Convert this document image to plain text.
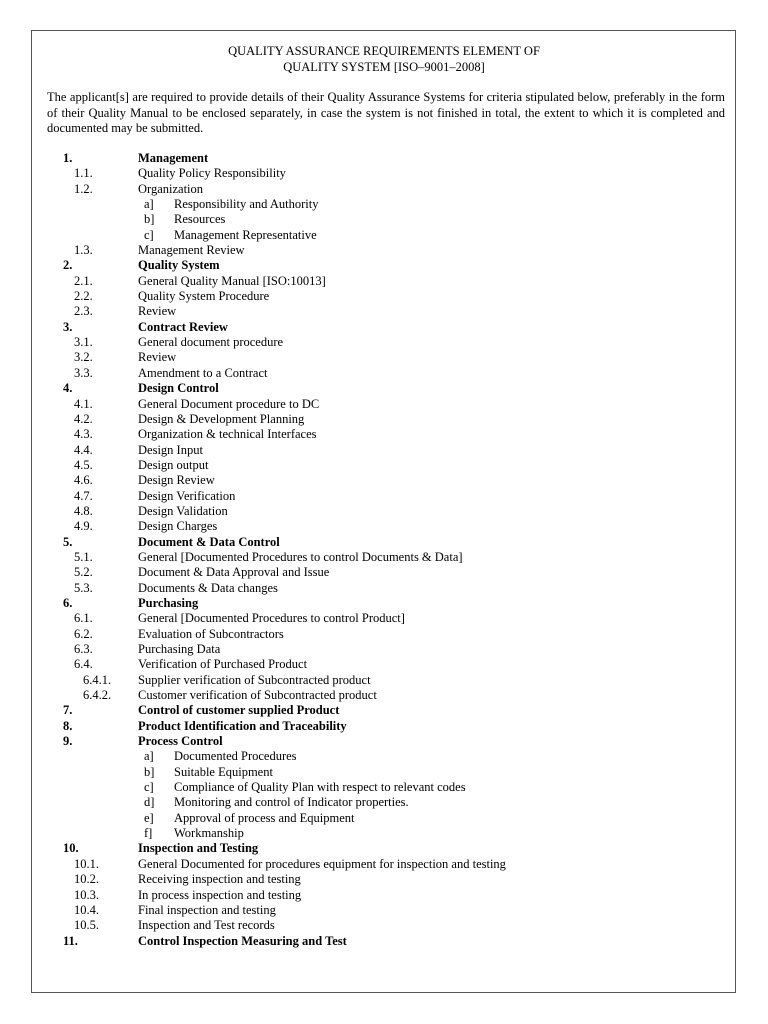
QUALITY ASSURANCE REQUIREMENTS ELEMENT OF
QUALITY SYSTEM [ISO–9001–2008]
The applicant[s] are required to provide details of their Quality Assurance Systems for criteria stipulated below, preferably in the form of their Quality Manual to be enclosed separately, in case the system is not finished in total, the extent to which it is completed and documented may be submitted.
1.	Management
1.1.	Quality Policy Responsibility
1.2.	Organization
a] Responsibility and Authority
b] Resources
c] Management Representative
1.3.	Management Review
2.	Quality System
2.1.	General Quality Manual [ISO:10013]
2.2.	Quality System Procedure
2.3.	Review
3.	Contract Review
3.1.	General document procedure
3.2.	Review
3.3.	Amendment to a Contract
4.	Design Control
4.1.	General Document procedure to DC
4.2.	Design & Development Planning
4.3.	Organization & technical Interfaces
4.4.	Design Input
4.5.	Design output
4.6.	Design Review
4.7.	Design Verification
4.8.	Design Validation
4.9.	Design Charges
5.	Document & Data Control
5.1.	General [Documented Procedures to control Documents & Data]
5.2.	Document & Data Approval and Issue
5.3.	Documents & Data changes
6.	Purchasing
6.1.	General [Documented Procedures to control Product]
6.2.	Evaluation of Subcontractors
6.3.	Purchasing Data
6.4.	Verification of Purchased Product
6.4.1. Supplier verification of Subcontracted product
6.4.2. Customer verification of Subcontracted product
7.	Control of customer supplied Product
8.	Product Identification and Traceability
9.	Process Control
a] Documented Procedures
b] Suitable Equipment
c] Compliance of Quality Plan with respect to relevant codes
d] Monitoring and control of Indicator properties.
e] Approval of process and Equipment
f] Workmanship
10.	Inspection and Testing
10.1.	General Documented for procedures equipment for inspection and testing
10.2.	Receiving inspection and testing
10.3.	In process inspection and testing
10.4.	Final inspection and testing
10.5.	Inspection and Test records
11.	Control Inspection Measuring and Test
